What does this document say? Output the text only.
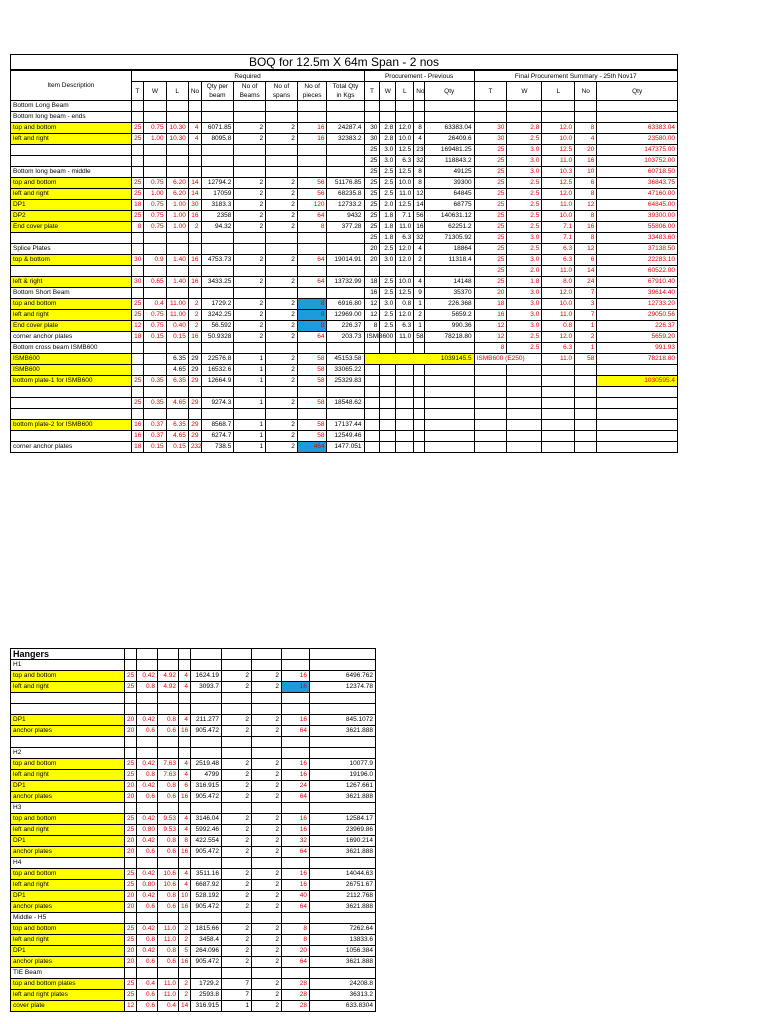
BOQ for 12.5m X 64m Span - 2 nos
Item Description	Required									Procurement - Previous					Final Procurement Summary - 25th Nov17				
	T	W	L	No	Qty per beam	No of Beams	No of spans	No of pieces	Total Qty in Kgs	T	W	L	No	Qty	T	W	L	No	Qty

Bottom Long Beam																			
Bottom long beam - ends																			
top and bottom	25	0.75	10.30	4	6071.85	2	2	16	24287.4	30	2.8	12.0	8	63383.04	30	2.8	12.0	8	63383.04
left and right	25	1.00	10.30	4	8095.8	2	2	16	32383.2	30	2.8	10.0	4	26409.6	30	2.5	10.0	4	23580.00
										25	3.0	12.5	23	169481.25	25	3.0	12.5	20	147375.00
										25	3.0	6.3	32	118843.2	25	3.0	11.0	16	103752.00
Bottom long beam - middle										25	2.5	12.5	8	49125	25	3.0	10.3	10	60718.50
top and bottom	25	0.75	6.20	14	12794.2	2	2	56	51176.85	25	2.5	10.0	8	39300	25	2.5	12.5	6	36843.75
left and right	25	1.00	6.20	14	17059	2	2	56	68235.8	25	2.5	11.0	12	64845	25	2.5	12.0	8	47160.00
DP1	18	0.75	1.00	30	3183.3	2	2	120	12733.2	25	2.0	12.5	14	68775	25	2.5	11.0	12	64845.00
DP2	25	0.75	1.00	16	2358	2	2	64	9432	25	1.8	7.1	56	140631.12	25	2.5	10.0	8	39300.00
End cover plate	8	0.75	1.00	2	94.32	2	2	8	377.28	25	1.8	11.0	16	62251.2	25	2.5	7.1	16	55806.00
										25	1.8	6.3	32	71305.92	25	3.0	7.1	8	33483.60
Splice Plates										20	2.5	12.0	4	18864	25	2.5	6.3	12	37138.50
top & bottom	30	0.9	1.40	16	4753.73	2	2	64	19014.91	20	3.0	12.0	2	11318.4	25	3.0	6.3	6	22283.10
															25	2.0	11.0	14	60522.00
left & right	30	0.65	1.40	16	3433.25	2	2	64	13732.99	18	2.5	10.0	4	14148	25	1.8	8.0	24	67910.40
Bottom Short Beam										16	2.5	12.5	9	35370	20	3.0	12.0	7	39614.40
top and bottom	25	0.4	11.00	2	1729.2	2	2	8	6916.80	12	3.0	0.8	1	226.368	18	3.0	10.0	3	12733.20
left and right	25	0.75	11.00	2	3242.25	2	2	8	12969.00	12	2.5	12.0	2	5659.2	16	3.0	11.0	7	29050.56
End cover plate	12	0.75	0.40	2	56.592	2	2	8	226.37	8	2.5	6.3	1	990.36	12	3.0	0.8	1	226.37
corner anchor plates	18	0.15	0.15	16	50.9328	2	2	64	203.73	ISMB600		11.0	58	78218.80	12	2.5	12.0	2	5659.20
Bottom cross beam ISMB600															8	2.5	6.3	1	991.93
ISMB600			6.35	29	22576.8	1	2	58	45153.58	1039145.5					ISMB600 (E250)		11.0	58	78218.80
ISMB600			4.65	29	16532.6	1	2	58	33065.22										
bottom plate-1 for ISMB600	25	0.35	6.35	29	12664.9	1	2	58	25329.83										1030595.4

	25	0.35	4.65	29	9274.3	1	2	58	18548.62										

bottom plate-2 for ISMB600	16	0.37	6.35	29	8568.7	1	2	58	17137.44										
	16	0.37	4.65	29	6274.7	1	2	58	12549.46										
corner anchor plates	18	0.15	0.15	232	738.5	1	2	464	1477.051										
Hangers									
H1									
top and bottom	25	0.42	4.92	4	1624.19	2	2	16	6496.762
left and right	25	0.8	4.92	4	3093.7	2	2	16	12374.78

DP1	20	0.42	0.8	4	211.277	2	2	16	845.1072
anchor plates	20	0.6	0.6	16	905.472	2	2	64	3621.888

H2									
top and bottom	25	0.42	7.63	4	2519.48	2	2	16	10077.9
left and right	25	0.8	7.63	4	4799	2	2	16	19196.0
DP1	20	0.42	0.8	6	316.915	2	2	24	1267.661
anchor plates	20	0.6	0.6	16	905.472	2	2	64	3621.888
H3									
top and bottom	25	0.42	9.53	4	3146.04	2	2	16	12584.17
left and right	25	0.80	9.53	4	5992.46	2	2	16	23969.86
DP1	20	0.42	0.8	8	422.554	2	2	32	1690.214
anchor plates	20	0.6	0.6	16	905.472	2	2	64	3621.888
H4									
top and bottom	25	0.42	10.6	4	3511.16	2	2	16	14044.63
left and right	25	0.80	10.6	4	6687.92	2	2	16	26751.67
DP1	20	0.42	0.8	10	528.192	2	2	40	2112.768
anchor plates	20	0.6	0.6	16	905.472	2	2	64	3621.888
Middle - H5									
top and bottom	25	0.42	11.0	2	1815.66	2	2	8	7262.64
left and right	25	0.8	11.0	2	3458.4	2	2	8	13833.6
DP1	20	0.42	0.8	5	264.096	2	2	20	1056.384
anchor plates	20	0.6	0.6	16	905.472	2	2	64	3621.888
TIE Beam									
top and bottom plates	25	0.4	11.0	2	1729.2	7	2	28	24208.8
left and right plates	25	0.6	11.0	2	2593.8	7	2	28	36313.2
cover plate	12	0.6	0.4	14	316.915	1	2	28	633.8304
